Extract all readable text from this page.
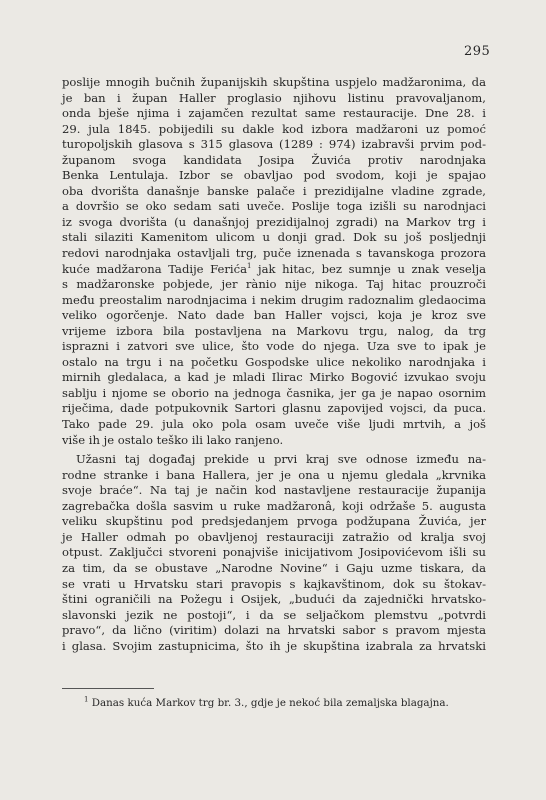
295

poslije mnogih bučnih županijskih skupština uspjelo madžaronima, da
je ban i župan Haller proglasio njihovu listinu pravovaljanom,
onda bješe njima i zajamčen rezultat same restauracije. Dne 28. i
29. jula 1845. pobijedili su dakle kod izbora madžaroni uz pomoć
turopoljskih glasova s 315 glasova (1289 : 974) izabravši prvim pod-
županom svoga kandidata Josipa Žuvića protiv narodnjaka
Benka Lentulaja. Izbor se obavljao pod svodom, koji je spajao
oba dvorišta današnje banske palače i prezidijalne vladine zgrade,
a dovršio se oko sedam sati uveče. Poslije toga izišli su narodnjaci
iz svoga dvorišta (u današnjoj prezidijalnoj zgradi) na Markov trg i
stali silaziti Kamenitom ulicom u donji grad. Dok su još posljednji
redovi narodnjaka ostavljali trg, puče iznenada s tavanskoga prozora
kuće madžarona Tadije Ferića$^1$ jak hitac, bez sumnje u znak veselja
s madžaronske pobjede, jer rànio nije nikoga. Taj hitac prouzroči
među preostalim narodnjacima i nekim drugim radoznalim gledaocima
veliko ogorčenje. Nato dade ban Haller vojsci, koja je kroz sve
vrijeme izbora bila postavljena na Markovu trgu, nalog, da trg
isprazni i zatvori sve ulice, što vode do njega. Uza sve to ipak je
ostalo na trgu i na početku Gospodske ulice nekoliko narodnjaka i
mirnih gledalaca, a kad je mladi Ilirac Mirko Bogović izvukao svoju
sablju i njome se oborio na jednoga časnika, jer ga je napao osornim
riječima, dade potpukovnik Sartori glasnu zapovijed vojsci, da puca.
Tako pade 29. jula oko pola osam uveče više ljudi mrtvih, a još
više ih je ostalo teško ili lako ranjeno.

Užasni taj događaj prekide u prvi kraj sve odnose između na-
rodne stranke i bana Hallera, jer je ona u njemu gledala „krvnika
svoje braće“. Na taj je način kod nastavljene restauracije županija
zagrebačka došla sasvim u ruke madžaronâ, koji održaše 5. augusta
veliku skupštinu pod predsjedanjem prvoga podžupana Žuvića, jer
je Haller odmah po obavljenoj restauraciji zatražio od kralja svoj
otpust. Zaključci stvoreni ponajviše inicijativom Josipovićevom išli su
za tim, da se obustave „Narodne Novine“ i Gaju uzme tiskara, da
se vrati u Hrvatsku stari pravopis s kajkavštinom, dok su štokav-
štini ograničili na Požegu i Osijek, „budući da zajednički hrvatsko-
slavonski jezik ne postoji“, i da se seljačkom plemstvu „potvrdi
pravo“, da lično (viritim) dolazi na hrvatski sabor s pravom mjesta
i glasa. Svojim zastupnicima, što ih je skupština izabrala za hrvatski

$^1$ Danas kuća Markov trg br. 3., gdje je nekoć bila zemaljska blagajna.
